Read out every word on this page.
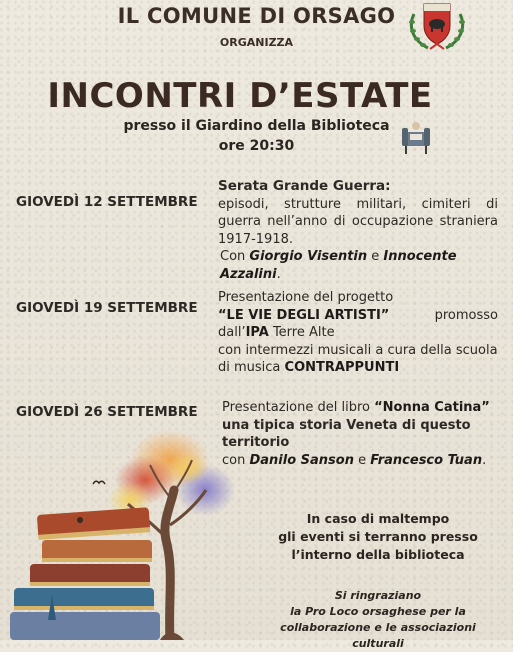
IL COMUNE DI ORSAGO
ORGANIZZA
INCONTRI D’ESTATE
presso il Giardino della Biblioteca
ore 20:30
GIOVEDÌ 12 SETTEMBRE
Serata Grande Guerra:
episodi, strutture militari, cimiteri di
guerra nell’anno di occupazione straniera
1917-1918.
Con Giorgio Visentin e Innocente Azzalini.
GIOVEDÌ 19 SETTEMBRE
Presentazione del progetto
“LE VIE DEGLI ARTISTI”	promosso
dall’IPA Terre Alte
con intermezzi musicali a cura della scuola
di musica CONTRAPPUNTI
GIOVEDÌ 26 SETTEMBRE Presentazione del libro “Nonna Catina”
una tipica storia Veneta di questo
territorio
con Danilo Sanson e Francesco Tuan.
In caso di maltempo
gli eventi si terranno presso
l’interno della biblioteca
Si ringraziano
la Pro Loco orsaghese per la
collaborazione e le associazioni culturali
